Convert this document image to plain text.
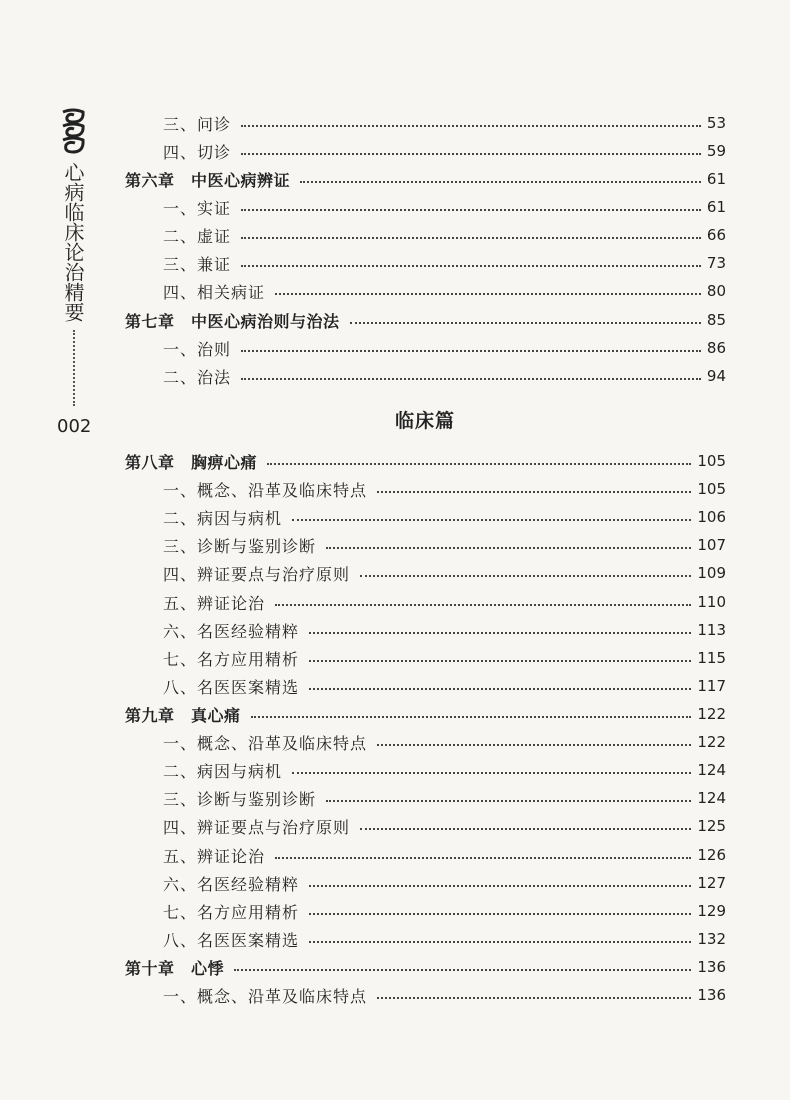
心病临床论治精要
002	临床篇
三、问诊	53
四、切诊	59
第六章　中医心病辨证	61
一、实证	61
二、虚证	66
三、兼证	73
四、相关病证	80
第七章　中医心病治则与治法	85
一、治则	86
二、治法	94
第八章　胸痹心痛	105
一、概念、沿革及临床特点	105
二、病因与病机	106
三、诊断与鉴别诊断	107
四、辨证要点与治疗原则	109
五、辨证论治	110
六、名医经验精粹	113
七、名方应用精析	115
八、名医医案精选	117
第九章　真心痛	122
一、概念、沿革及临床特点	122
二、病因与病机	124
三、诊断与鉴别诊断	124
四、辨证要点与治疗原则	125
五、辨证论治	126
六、名医经验精粹	127
七、名方应用精析	129
八、名医医案精选	132
第十章　心悸	136
一、概念、沿革及临床特点	136
